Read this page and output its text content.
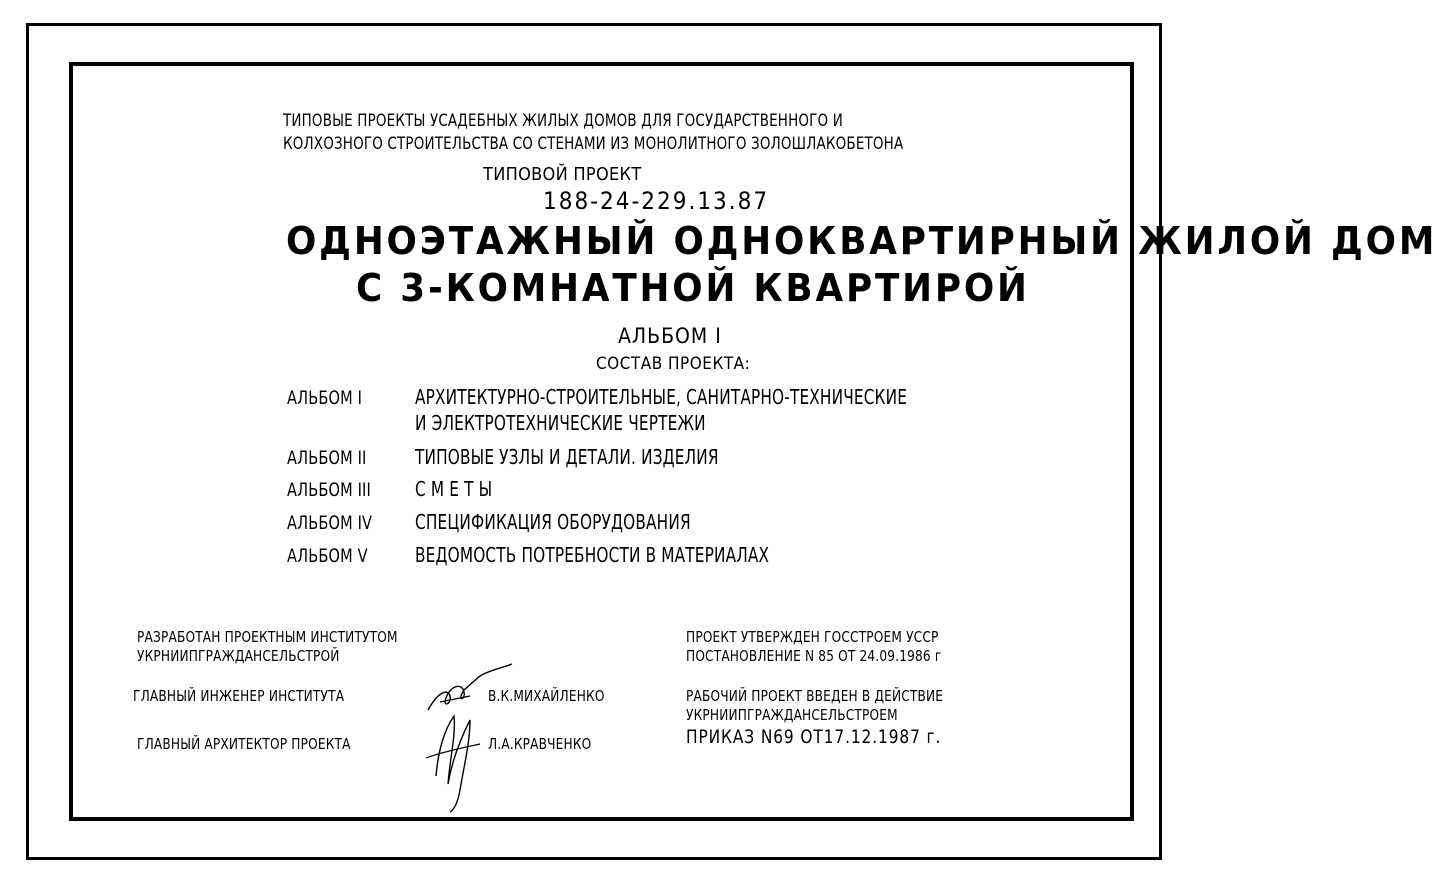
ТИПОВЫЕ ПРОЕКТЫ УСАДЕБНЫХ ЖИЛЫХ ДОМОВ ДЛЯ ГОСУДАРСТВЕННОГО И
КОЛХОЗНОГО СТРОИТЕЛЬСТВА СО СТЕНАМИ ИЗ МОНОЛИТНОГО ЗОЛОШЛАКОБЕТОНА
ТИПОВОЙ ПРОЕКТ
188-24-229.13.87
ОДНОЭТАЖНЫЙ ОДНОКВАРТИРНЫЙ ЖИЛОЙ ДОМ
С 3-КОМНАТНОЙ КВАРТИРОЙ
АЛЬБОМ I
СОСТАВ ПРОЕКТА:
АЛЬБОМ I	АРХИТЕКТУРНО-СТРОИТЕЛЬНЫЕ, САНИТАРНО-ТЕХНИЧЕСКИЕ
И ЭЛЕКТРОТЕХНИЧЕСКИЕ ЧЕРТЕЖИ
АЛЬБОМ II ТИПОВЫЕ УЗЛЫ И ДЕТАЛИ. ИЗДЕЛИЯ
АЛЬБОМ III С М Е Т Ы
АЛЬБОМ IV СПЕЦИФИКАЦИЯ ОБОРУДОВАНИЯ
АЛЬБОМ V ВЕДОМОСТЬ ПОТРЕБНОСТИ В МАТЕРИАЛАХ
РАЗРАБОТАН ПРОЕКТНЫМ ИНСТИТУТОМ
УКРНИИПГРАЖДАНСЕЛЬСТРОЙ
ГЛАВНЫЙ ИНЖЕНЕР ИНСТИТУТА	В.К.МИХАЙЛЕНКО
ГЛАВНЫЙ АРХИТЕКТОР ПРОЕКТА	Л.А.КРАВЧЕНКО
ПРОЕКТ УТВЕРЖДЕН ГОССТРОЕМ УССР
ПОСТАНОВЛЕНИЕ N 85 ОТ 24.09.1986 г
РАБОЧИЙ ПРОЕКТ ВВЕДЕН В ДЕЙСТВИЕ
УКРНИИПГРАЖДАНСЕЛЬСТРОЕМ
ПРИКАЗ N69 ОТ17.12.1987 г.
